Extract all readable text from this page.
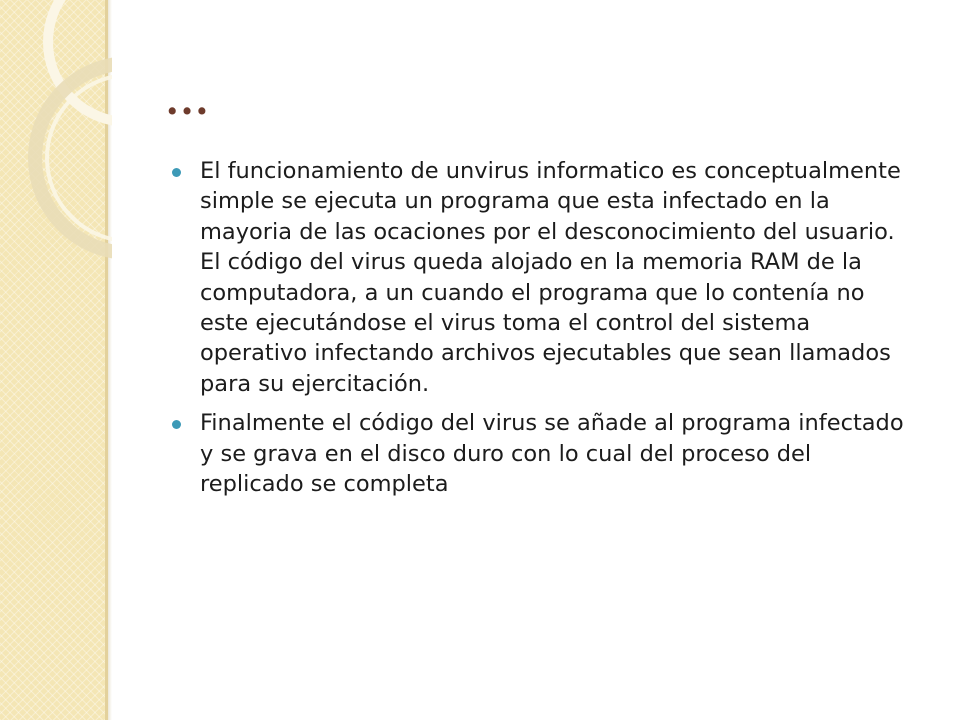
…
El funcionamiento de unvirus informatico es conceptualmente simple se ejecuta un programa que esta infectado en la mayoria de las ocaciones por el desconocimiento del usuario. El código del virus queda alojado en la memoria RAM de la computadora, a un cuando el programa que lo contenía no este ejecutándose el virus toma el control del sistema operativo infectando archivos ejecutables que sean llamados para su ejercitación.
Finalmente el código del virus se añade al programa infectado y se grava en el disco duro con lo cual del proceso del replicado se completa
